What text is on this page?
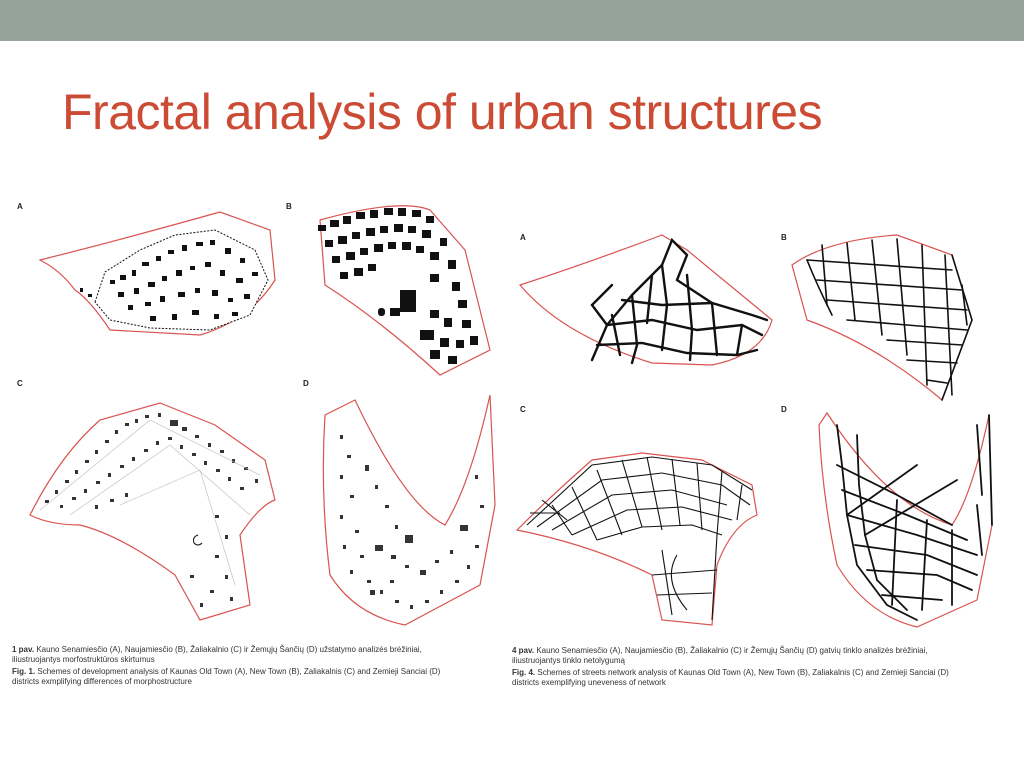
Fractal analysis of urban structures
A	B
C	D
1 pav. Kauno Senamiesčio (A), Naujamiesčio (B), Žaliakalnio (C) ir Žemųjų Šančių (D) užstatymo analizės brėžiniai,
iliustruojantys morfostruktūros skirtumus
Fig. 1. Schemes of development analysis of Kaunas Old Town (A), New Town (B), Zaliakalnis (C) and Zemieji Sanciai (D)
districts exmplifying differences of morphostructure
A	B
C	D
4 pav. Kauno Senamiesčio (A), Naujamiesčio (B), Žaliakalnio (C) ir Žemųjų Šančių (D) gatvių tinklo analizės brėžiniai,
iliustruojantys tinklo netolygumą
Fig. 4. Schemes of streets network analysis of Kaunas Old Town (A), New Town (B), Zaliakalnis (C) and Zemieji Sanciai (D)
districts exemplifying uneveness of network
